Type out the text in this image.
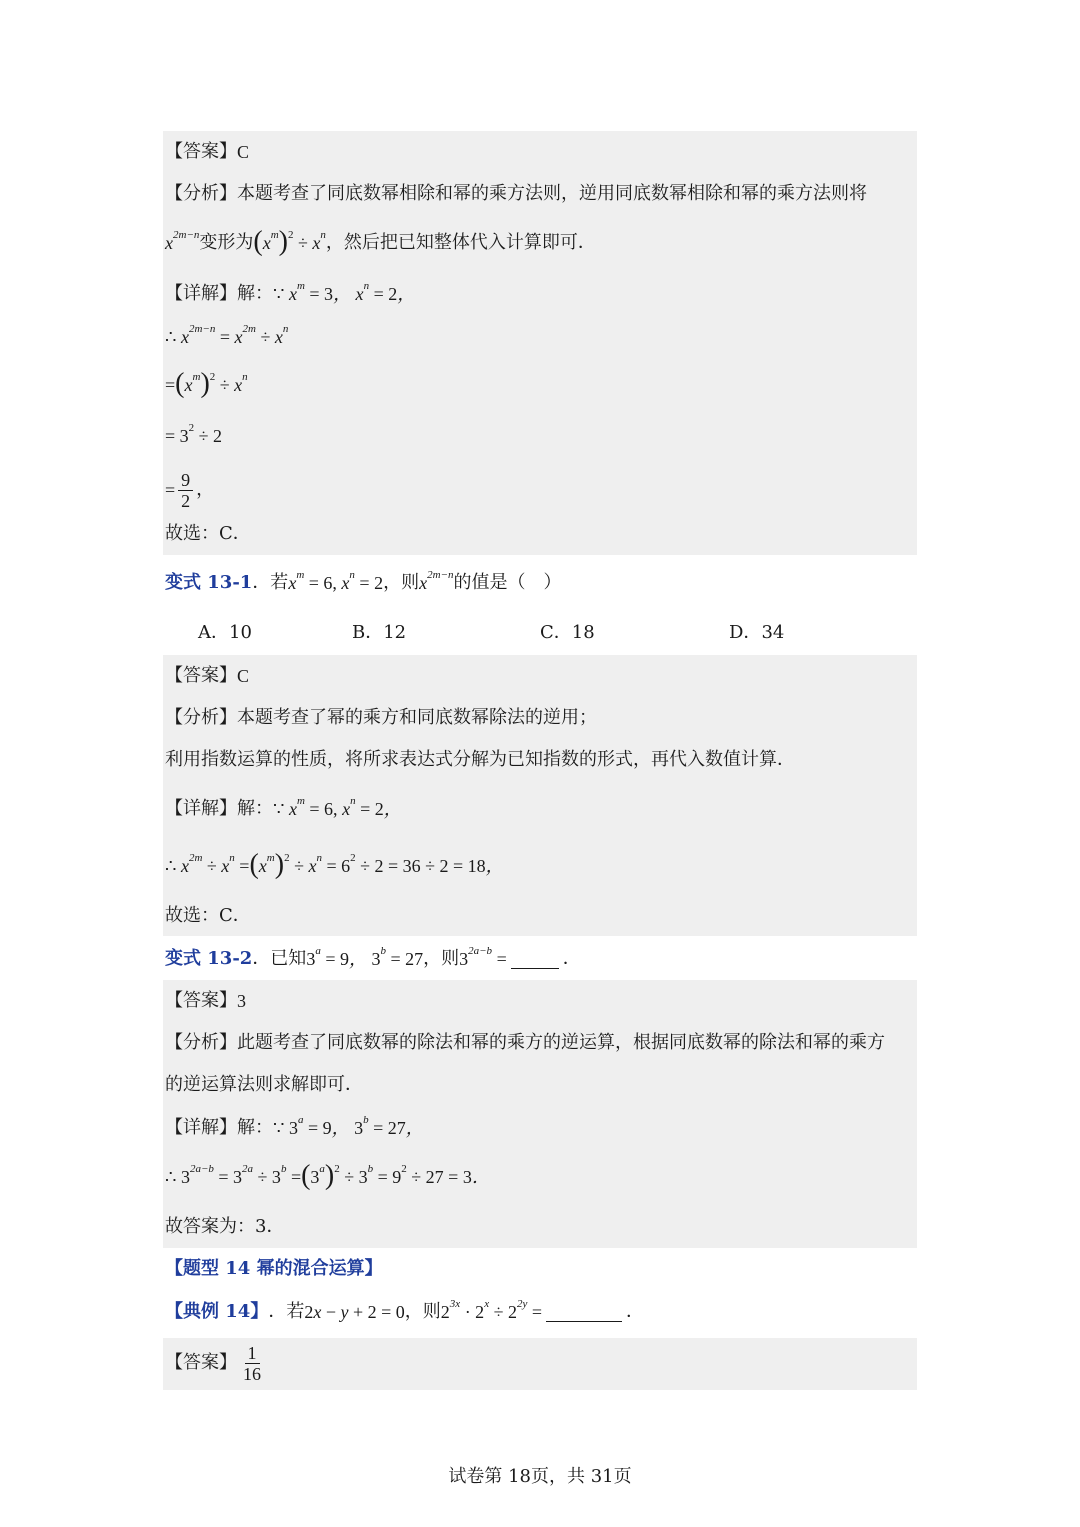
【答案】 C
【分析】 本题考查了同底数幂相除和幂的乘方法则，逆用同底数幂相除和幂的乘方法则将
$x^{2m-n}$ 变形为 $(x^m)^2 \div x^n$ ，然后把已知整体代入计算即可．
【详解】 解： ∵ $x^m = 3$， $x^n = 2$，
∴ $x^{2m-n} = x^{2m} \div x^n$
$=(x^m)^2 \div x^n$
= $3^2 \div 2$
= $\frac{9}{2}$ ，
故选：C．
变式 13-1 ．若 $x^m = 6$, $x^n = 2$ ，则 $x^{2m-n}$ 的值是（　）
A．10	B．12	C．18	D．34
【答案】 C
【分析】 本题考查了幂的乘方和同底数幂除法的逆用；
利用指数运算的性质，将所求表达式分解为已知指数的形式，再代入数值计算．
【详解】 解： ∵ $x^m = 6$, $x^n = 2$，
∴ $x^{2m} \div x^n =(x^m)^2 \div x^n = 6^2 \div 2 = 36 \div 2 = 18$，
故选：C．
变式 13-2 ．已知 $3^a = 9$， $3^b = 27$ ，则 $3^{2a-b}$ =	．
【答案】 3
【分析】 此题考查了同底数幂的除法和幂的乘方的逆运算，根据同底数幂的除法和幂的乘方
的逆运算法则求解即可．
【详解】 解： ∵ $3^a = 9$， $3^b = 27$，
∴ $3^{2a-b} = 3^{2a} \div 3^b =(3^a)^2 \div 3^b = 9^2 \div 27 = 3$．
故答案为：3．
【题型 14 幂的混合运算】
【典例 14】 ．若 2x − y + 2 = 0 ，则 $2^{3x} \cdot 2^x \div 2^{2y}$ =	．
【答案】 $\frac{1}{16}$
试卷第 18页，共 31页
